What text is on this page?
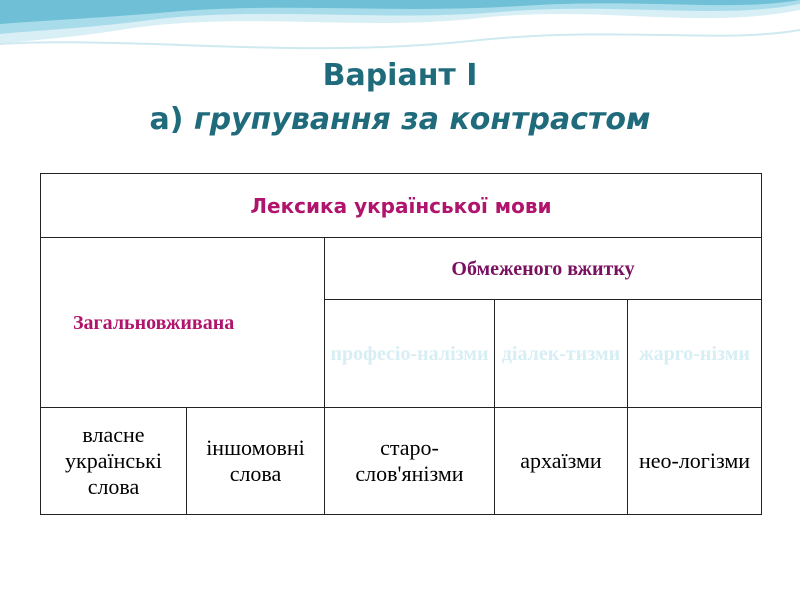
Варіант І
а) групування за контрастом
Лексика української мови				
Загальновживана		Обмеженого вжитку		
		професіо-налізми	діалек-тизми	жарго-нізми
власне українські слова	іншомовні слова	старо-слов'янізми	архаїзми	нео-логізми
